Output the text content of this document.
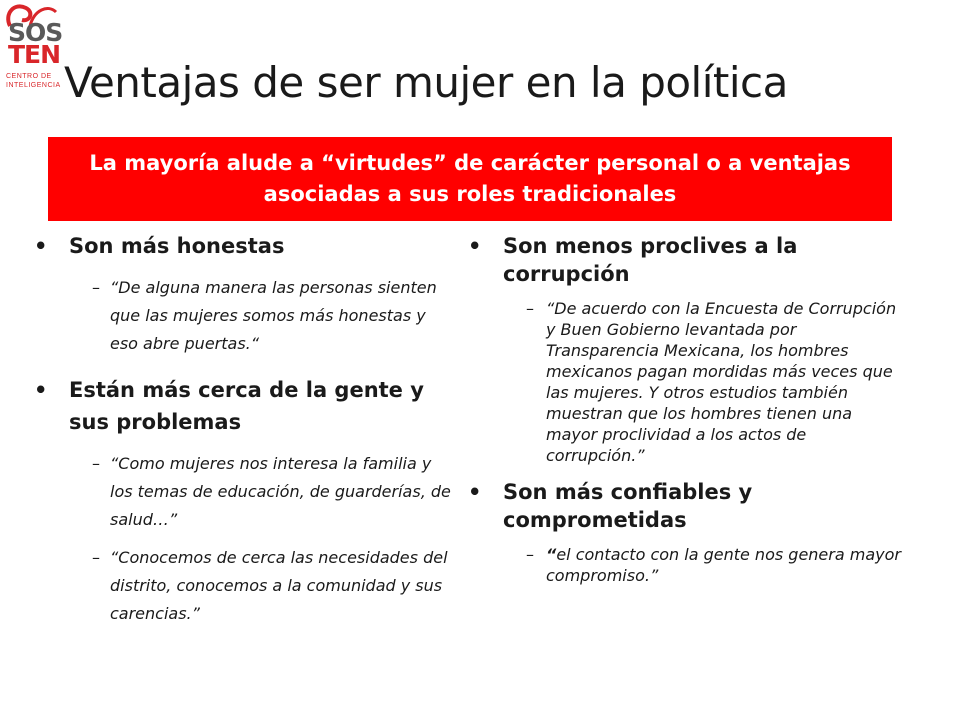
SOS
TEN
CENTRO DE
INTELIGENCIA Ventajas de ser mujer en la política
La mayoría alude a “virtudes” de carácter personal o a ventajas asociadas a sus roles tradicionales
• Son más honestas
– “De alguna manera las personas sienten que las mujeres somos más honestas y eso abre puertas.“
• Están más cerca de la gente y sus problemas
– “Como mujeres nos interesa la familia y los temas de educación, de guarderías, de salud…”
– “Conocemos de cerca las necesidades del distrito, conocemos a la comunidad y sus carencias.”
• Son menos proclives a la corrupción
– “De acuerdo con la Encuesta de Corrupción y Buen Gobierno levantada por Transparencia Mexicana, los hombres mexicanos pagan mordidas más veces que las mujeres. Y otros estudios también muestran que los hombres tienen una mayor proclividad a los actos de corrupción.”
• Son más confiables y comprometidas
– “el contacto con la gente nos genera mayor compromiso.”
